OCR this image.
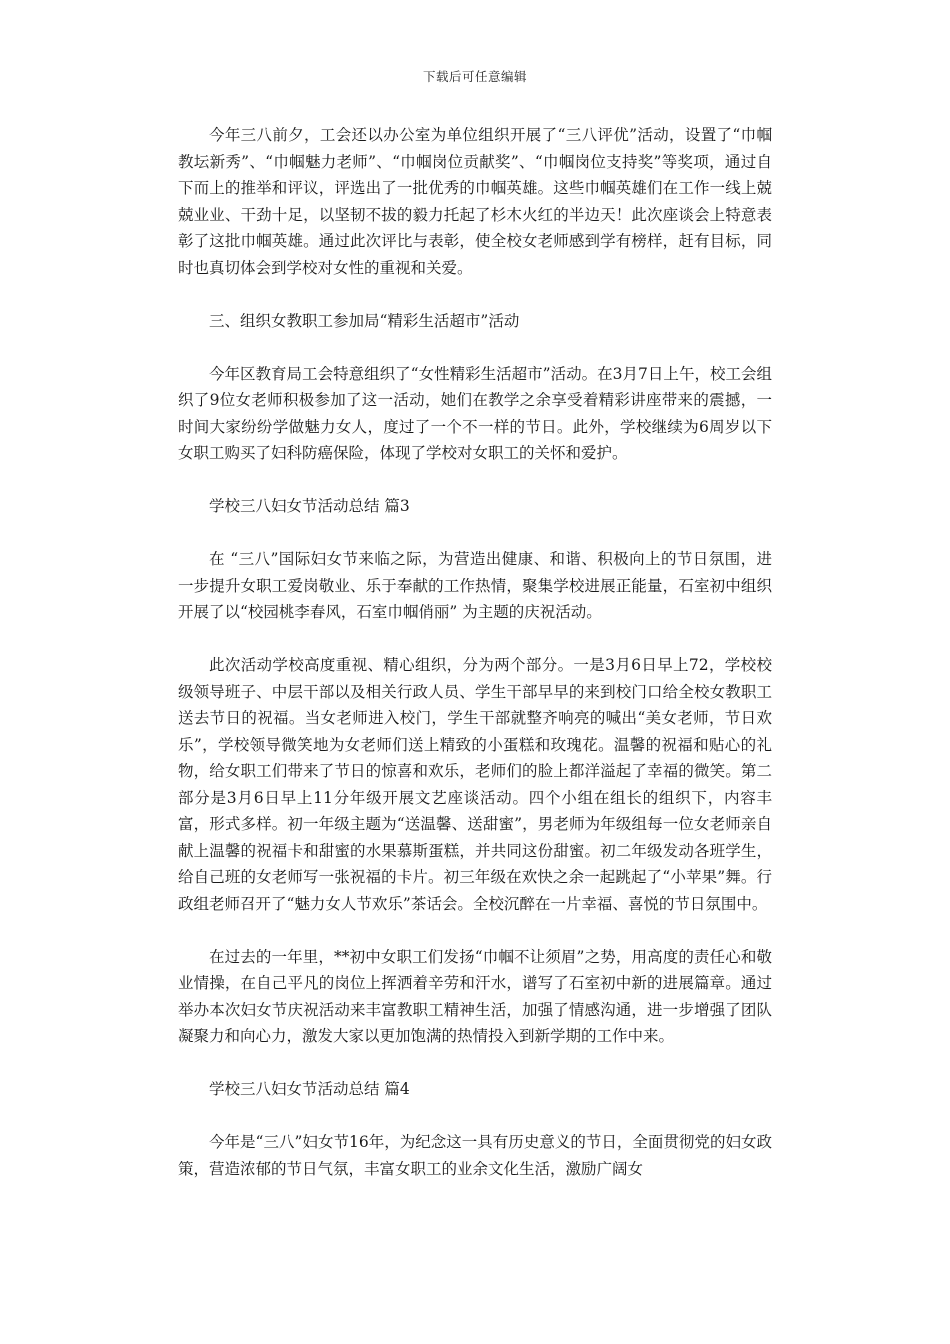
下载后可任意编辑

今年三八前夕，工会还以办公室为单位组织开展了“三八评优”活动，设置了“巾帼教坛新秀”、“巾帼魅力老师”、“巾帼岗位贡献奖”、“巾帼岗位支持奖”等奖项，通过自下而上的推举和评议，评选出了一批优秀的巾帼英雄。这些巾帼英雄们在工作一线上兢兢业业、干劲十足，以坚韧不拔的毅力托起了杉木火红的半边天！此次座谈会上特意表彰了这批巾帼英雄。通过此次评比与表彰，使全校女老师感到学有榜样，赶有目标，同时也真切体会到学校对女性的重视和关爱。

三、组织女教职工参加局“精彩生活超市”活动

今年区教育局工会特意组织了“女性精彩生活超市”活动。在3月7日上午，校工会组织了9位女老师积极参加了这一活动，她们在教学之余享受着精彩讲座带来的震撼，一时间大家纷纷学做魅力女人，度过了一个不一样的节日。此外，学校继续为6周岁以下女职工购买了妇科防癌保险，体现了学校对女职工的关怀和爱护。

学校三八妇女节活动总结 篇3

在 “三八”国际妇女节来临之际，为营造出健康、和谐、积极向上的节日氛围，进一步提升女职工爱岗敬业、乐于奉献的工作热情，聚集学校进展正能量，石室初中组织开展了以“校园桃李春风，石室巾帼俏丽” 为主题的庆祝活动。

此次活动学校高度重视、精心组织，分为两个部分。一是3月6日早上72，学校校级领导班子、中层干部以及相关行政人员、学生干部早早的来到校门口给全校女教职工送去节日的祝福。当女老师进入校门，学生干部就整齐响亮的喊出“美女老师，节日欢乐”，学校领导微笑地为女老师们送上精致的小蛋糕和玫瑰花。温馨的祝福和贴心的礼物，给女职工们带来了节日的惊喜和欢乐，老师们的脸上都洋溢起了幸福的微笑。第二部分是3月6日早上11分年级开展文艺座谈活动。四个小组在组长的组织下，内容丰富，形式多样。初一年级主题为“送温馨、送甜蜜”，男老师为年级组每一位女老师亲自献上温馨的祝福卡和甜蜜的水果慕斯蛋糕，并共同这份甜蜜。初二年级发动各班学生，给自己班的女老师写一张祝福的卡片。初三年级在欢快之余一起跳起了“小苹果”舞。行政组老师召开了“魅力女人节欢乐”茶话会。全校沉醉在一片幸福、喜悦的节日氛围中。

在过去的一年里，**初中女职工们发扬“巾帼不让须眉”之势，用高度的责任心和敬业情操，在自己平凡的岗位上挥洒着辛劳和汗水，谱写了石室初中新的进展篇章。通过举办本次妇女节庆祝活动来丰富教职工精神生活，加强了情感沟通，进一步增强了团队凝聚力和向心力，激发大家以更加饱满的热情投入到新学期的工作中来。

学校三八妇女节活动总结 篇4

今年是“三八”妇女节16年，为纪念这一具有历史意义的节日，全面贯彻党的妇女政策，营造浓郁的节日气氛，丰富女职工的业余文化生活，激励广阔女
